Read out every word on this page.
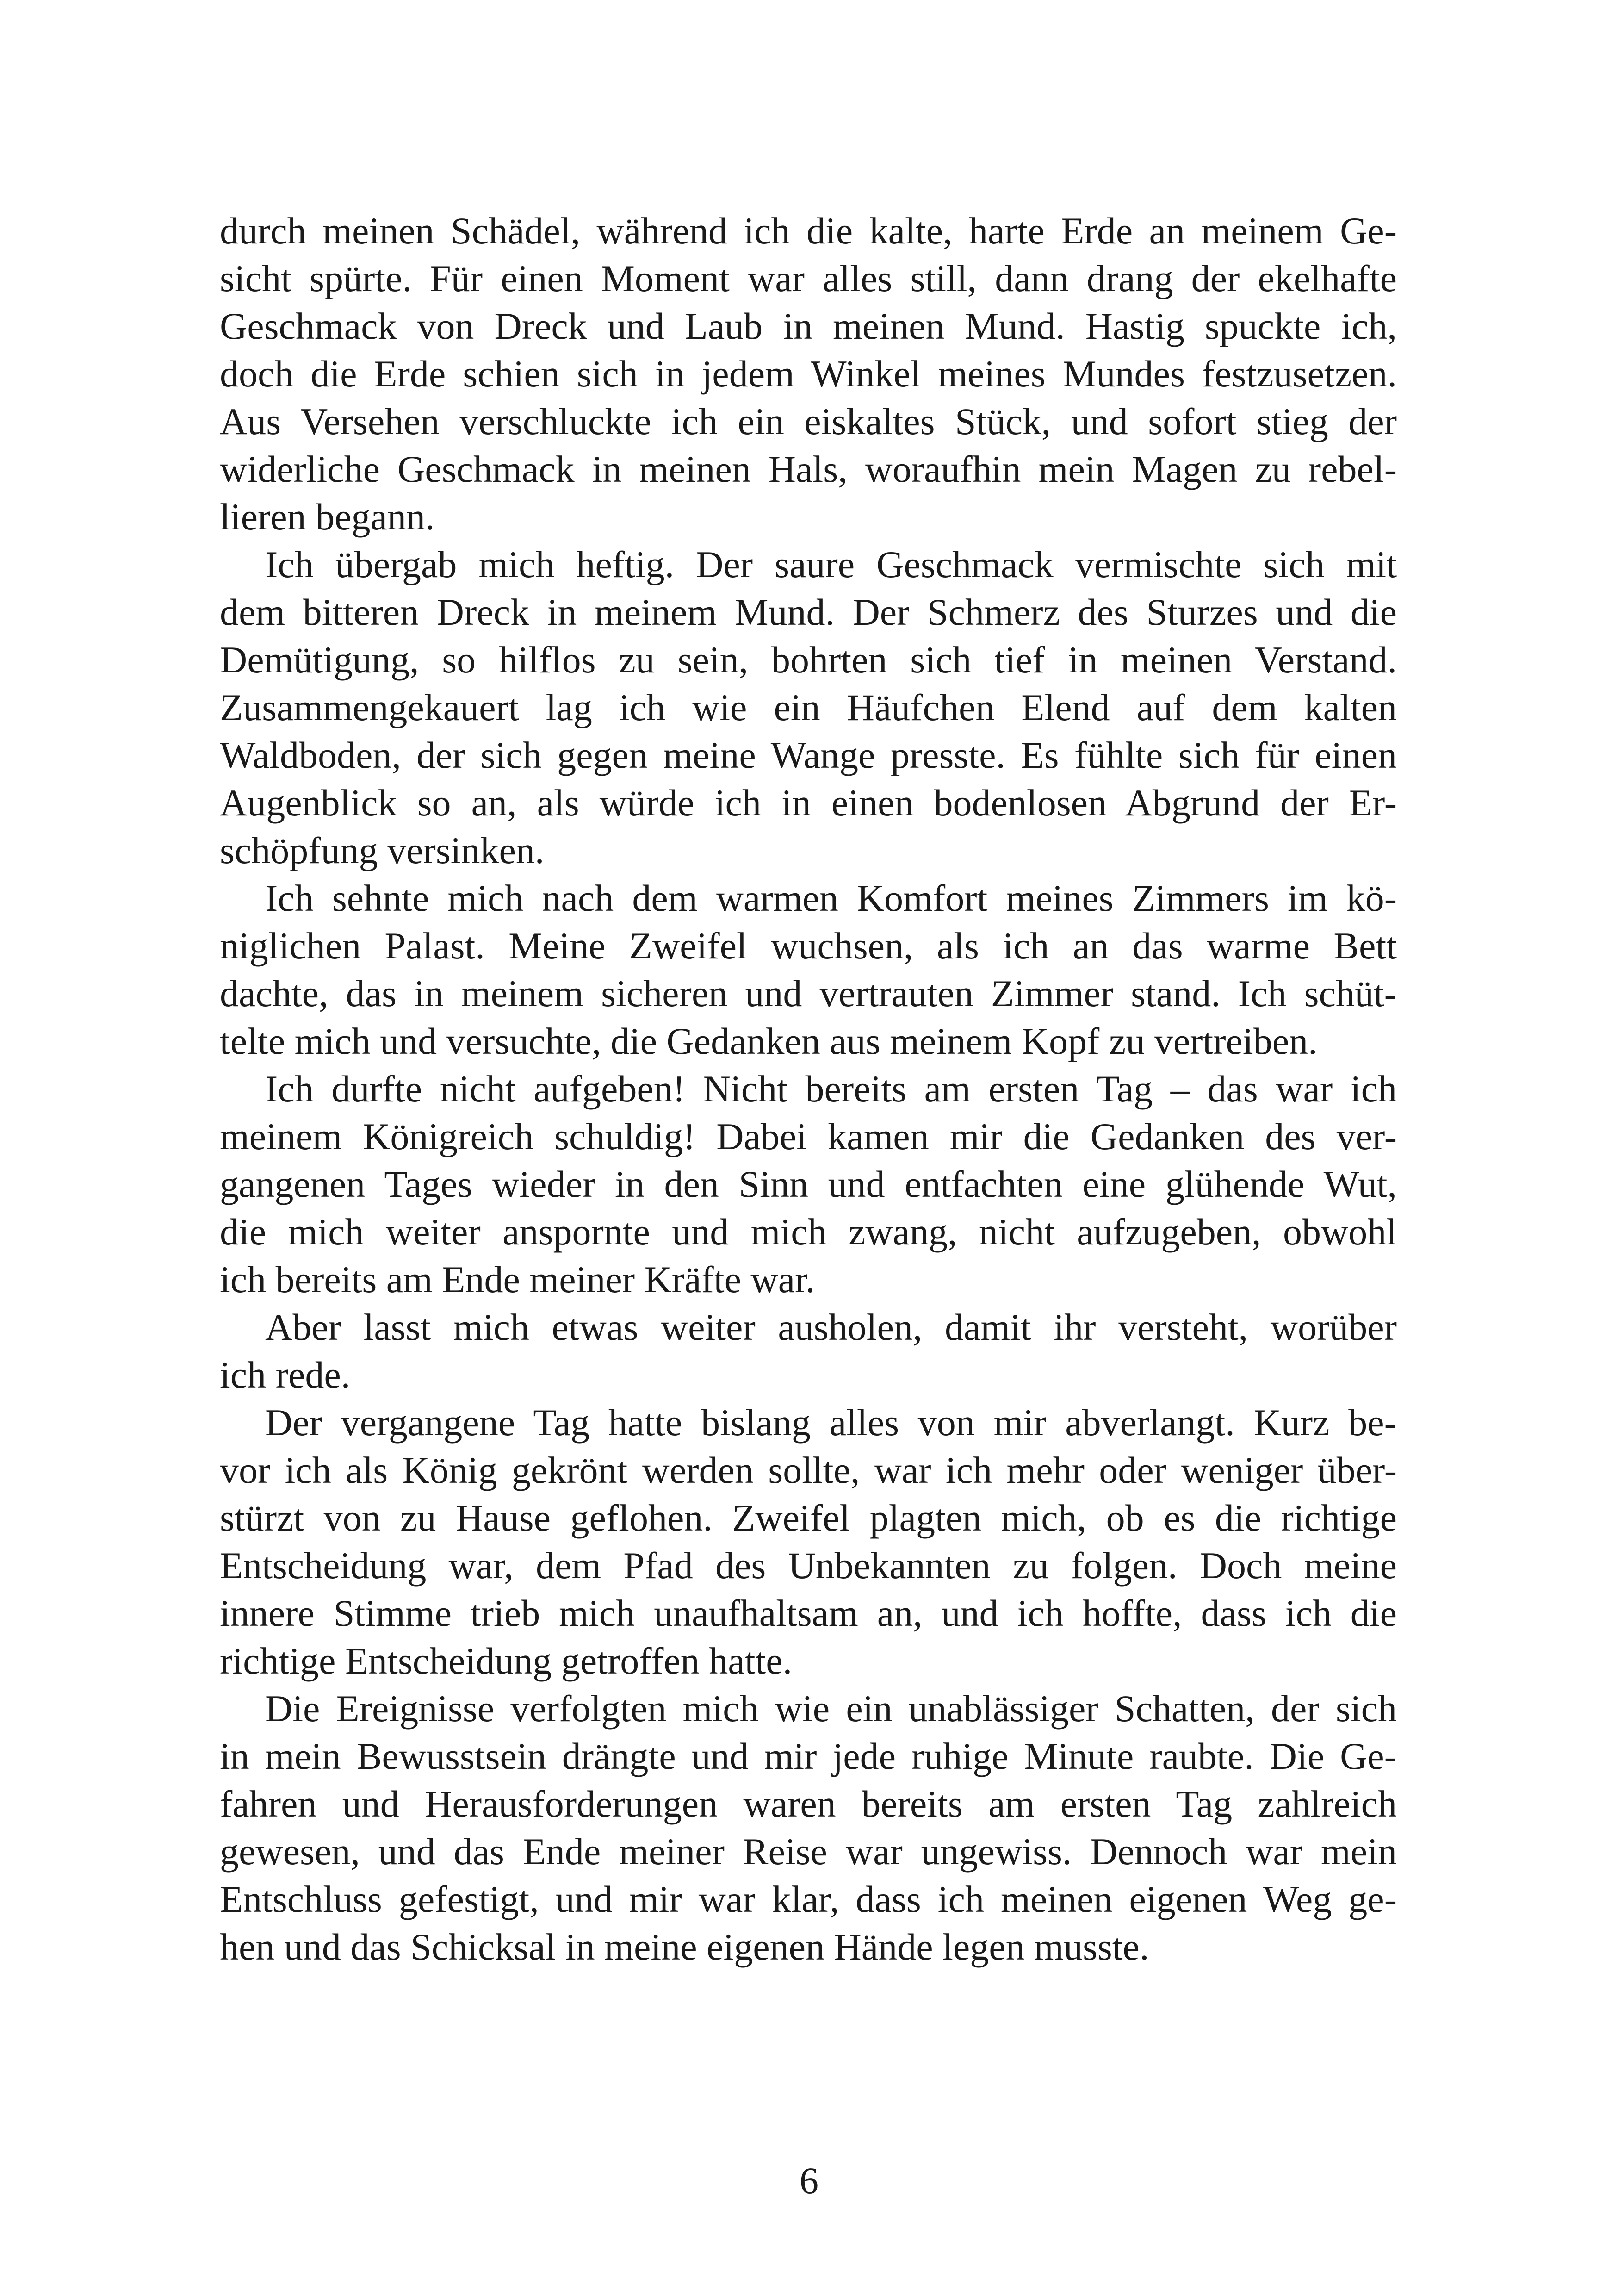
durch meinen Schädel, während ich die kalte, harte Erde an meinem Ge-
sicht spürte. Für einen Moment war alles still, dann drang der ekelhafte
Geschmack von Dreck und Laub in meinen Mund. Hastig spuckte ich,
doch die Erde schien sich in jedem Winkel meines Mundes festzusetzen.
Aus Versehen verschluckte ich ein eiskaltes Stück, und sofort stieg der
widerliche Geschmack in meinen Hals, woraufhin mein Magen zu rebel-
lieren begann.
Ich übergab mich heftig. Der saure Geschmack vermischte sich mit
dem bitteren Dreck in meinem Mund. Der Schmerz des Sturzes und die
Demütigung, so hilflos zu sein, bohrten sich tief in meinen Verstand.
Zusammengekauert lag ich wie ein Häufchen Elend auf dem kalten
Waldboden, der sich gegen meine Wange presste. Es fühlte sich für einen
Augenblick so an, als würde ich in einen bodenlosen Abgrund der Er-
schöpfung versinken.
Ich sehnte mich nach dem warmen Komfort meines Zimmers im kö-
niglichen Palast. Meine Zweifel wuchsen, als ich an das warme Bett
dachte, das in meinem sicheren und vertrauten Zimmer stand. Ich schüt-
telte mich und versuchte, die Gedanken aus meinem Kopf zu vertreiben.
Ich durfte nicht aufgeben! Nicht bereits am ersten Tag – das war ich
meinem Königreich schuldig! Dabei kamen mir die Gedanken des ver-
gangenen Tages wieder in den Sinn und entfachten eine glühende Wut,
die mich weiter anspornte und mich zwang, nicht aufzugeben, obwohl
ich bereits am Ende meiner Kräfte war.
Aber lasst mich etwas weiter ausholen, damit ihr versteht, worüber
ich rede.
Der vergangene Tag hatte bislang alles von mir abverlangt. Kurz be-
vor ich als König gekrönt werden sollte, war ich mehr oder weniger über-
stürzt von zu Hause geflohen. Zweifel plagten mich, ob es die richtige
Entscheidung war, dem Pfad des Unbekannten zu folgen. Doch meine
innere Stimme trieb mich unaufhaltsam an, und ich hoffte, dass ich die
richtige Entscheidung getroffen hatte.
Die Ereignisse verfolgten mich wie ein unablässiger Schatten, der sich
in mein Bewusstsein drängte und mir jede ruhige Minute raubte. Die Ge-
fahren und Herausforderungen waren bereits am ersten Tag zahlreich
gewesen, und das Ende meiner Reise war ungewiss. Dennoch war mein
Entschluss gefestigt, und mir war klar, dass ich meinen eigenen Weg ge-
hen und das Schicksal in meine eigenen Hände legen musste.
6
